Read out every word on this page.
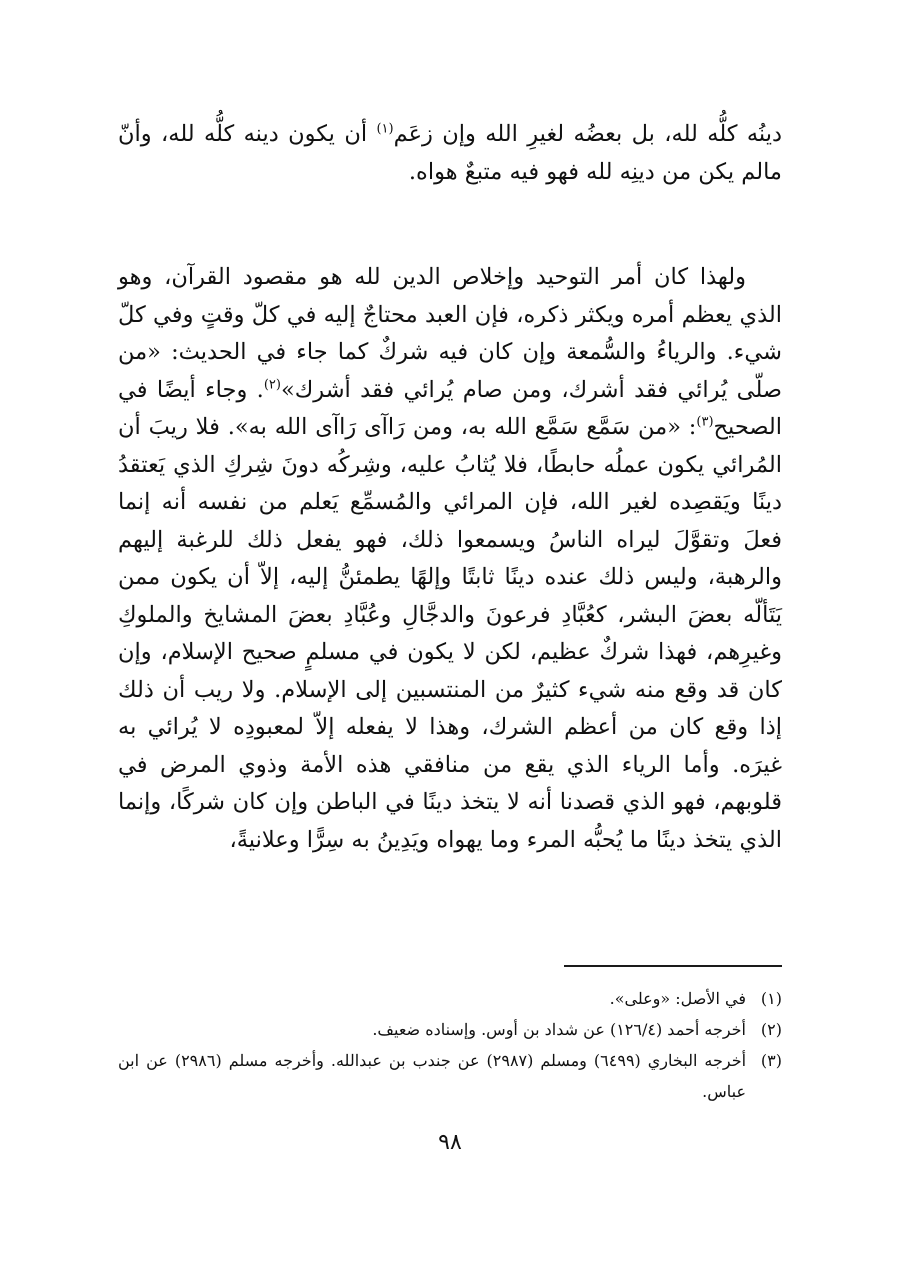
دينُه كلُّه لله، بل بعضُه لغيرِ الله وإن زعَم$^{(١)}$ أن يكون دينه كلُّه لله، وأنّ مالم يكن من دينِه لله فهو فيه متبعٌ هواه.

ولهذا كان أمر التوحيد وإخلاص الدين لله هو مقصود القرآن، وهو الذي يعظم أمره ويكثر ذكره، فإن العبد محتاجٌ إليه في كلّ وقتٍ وفي كلّ شيء. والرياءُ والسُّمعة وإن كان فيه شركٌ كما جاء في الحديث: «من صلّى يُرائي فقد أشرك، ومن صام يُرائي فقد أشرك»$^{(٢)}$. وجاء أيضًا في الصحيح$^{(٣)}$: «من سَمَّع سَمَّع الله به، ومن رَاآى رَاآى الله به». فلا ريبَ أن المُرائي يكون عملُه حابطًا، فلا يُثابُ عليه، وشِركُه دونَ شِركِ الذي يَعتقدُ دينًا ويَقصِده لغير الله، فإن المرائي والمُسمِّع يَعلم من نفسه أنه إنما فعلَ وتقوَّلَ ليراه الناسُ ويسمعوا ذلك، فهو يفعل ذلك للرغبة إليهم والرهبة، وليس ذلك عنده دينًا ثابتًا وإلهًا يطمئنُّ إليه، إلاّ أن يكون ممن يَتَألّه بعضَ البشر، كعُبَّادِ فرعونَ والدجَّالِ وعُبَّادِ بعضَ المشايخ والملوكِ وغيرِهم، فهذا شركٌ عظيم، لكن لا يكون في مسلمٍ صحيح الإسلام، وإن كان قد وقع منه شيء كثيرٌ من المنتسبين إلى الإسلام. ولا ريب أن ذلك إذا وقع كان من أعظم الشرك، وهذا لا يفعله إلاّ لمعبودِه لا يُرائي به غيرَه. وأما الرياء الذي يقع من منافقي هذه الأمة وذوي المرض في قلوبهم، فهو الذي قصدنا أنه لا يتخذ دينًا في الباطن وإن كان شركًا، وإنما الذي يتخذ دينًا ما يُحبُّه المرء وما يهواه ويَدِينُ به سِرًّا وعلانيةً،

(١)
في الأصل: «وعلى».
(٢)
أخرجه أحمد (١٢٦/٤) عن شداد بن أوس. وإسناده ضعيف.
(٣)
أخرجه البخاري (٦٤٩٩) ومسلم (٢٩٨٧) عن جندب بن عبدالله. وأخرجه مسلم (٢٩٨٦) عن ابن عباس.
٩٨
